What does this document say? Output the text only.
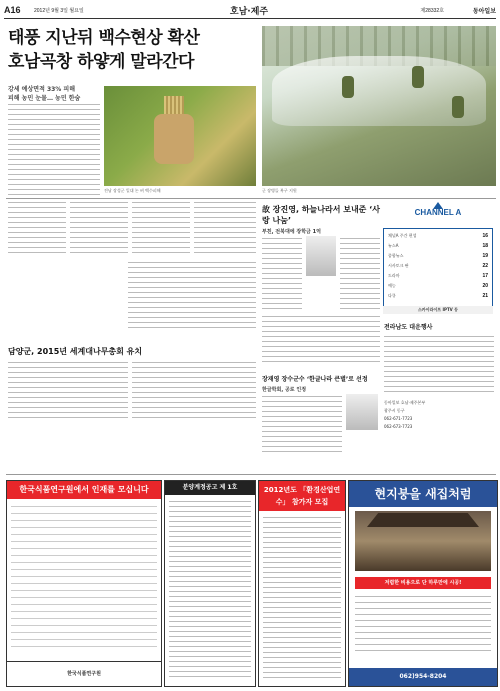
A16	2012년 9월 3일 월요일	호남·제주	제28332호	동아일보
태풍 지난뒤 백수현상 확산
호남곡창 하얗게 말라간다
강세 예상면적 33% 피해
피해 농민 눈물… 농민 한숨
전남 장성군 일대 논 벼 백수피해	군 장병들 복구 지원
故 장진영, 하늘나라서 보내준 ‘사랑 나눔’
부친, 전북대에 장학금 1억
담양군, 2015년 세계대나무총회 유치
장재영 장수군수 ‘한글나라 큰별’로 선정
한글학회, 공로 인정
CHANNEL A
채널A 주간 편성	16
뉴스A	18
종합뉴스	19
시사토크 판	22
드라마	17
예능	20
다큐	21
스카이라이프 IPTV 등
전라남도 대운행사
동아일보 호남·제주본부
광주시 동구
062-671-7723
062-673-7723
한국식품연구원에서 인재를 모십니다
한국식품연구원
분양계정공고 제 1호	2012년도 「환경산업연수」 참가자 모집
현지붕을 새집처럼
저렴한 비용으로 단 하루만에 시공!
062)954-8204
